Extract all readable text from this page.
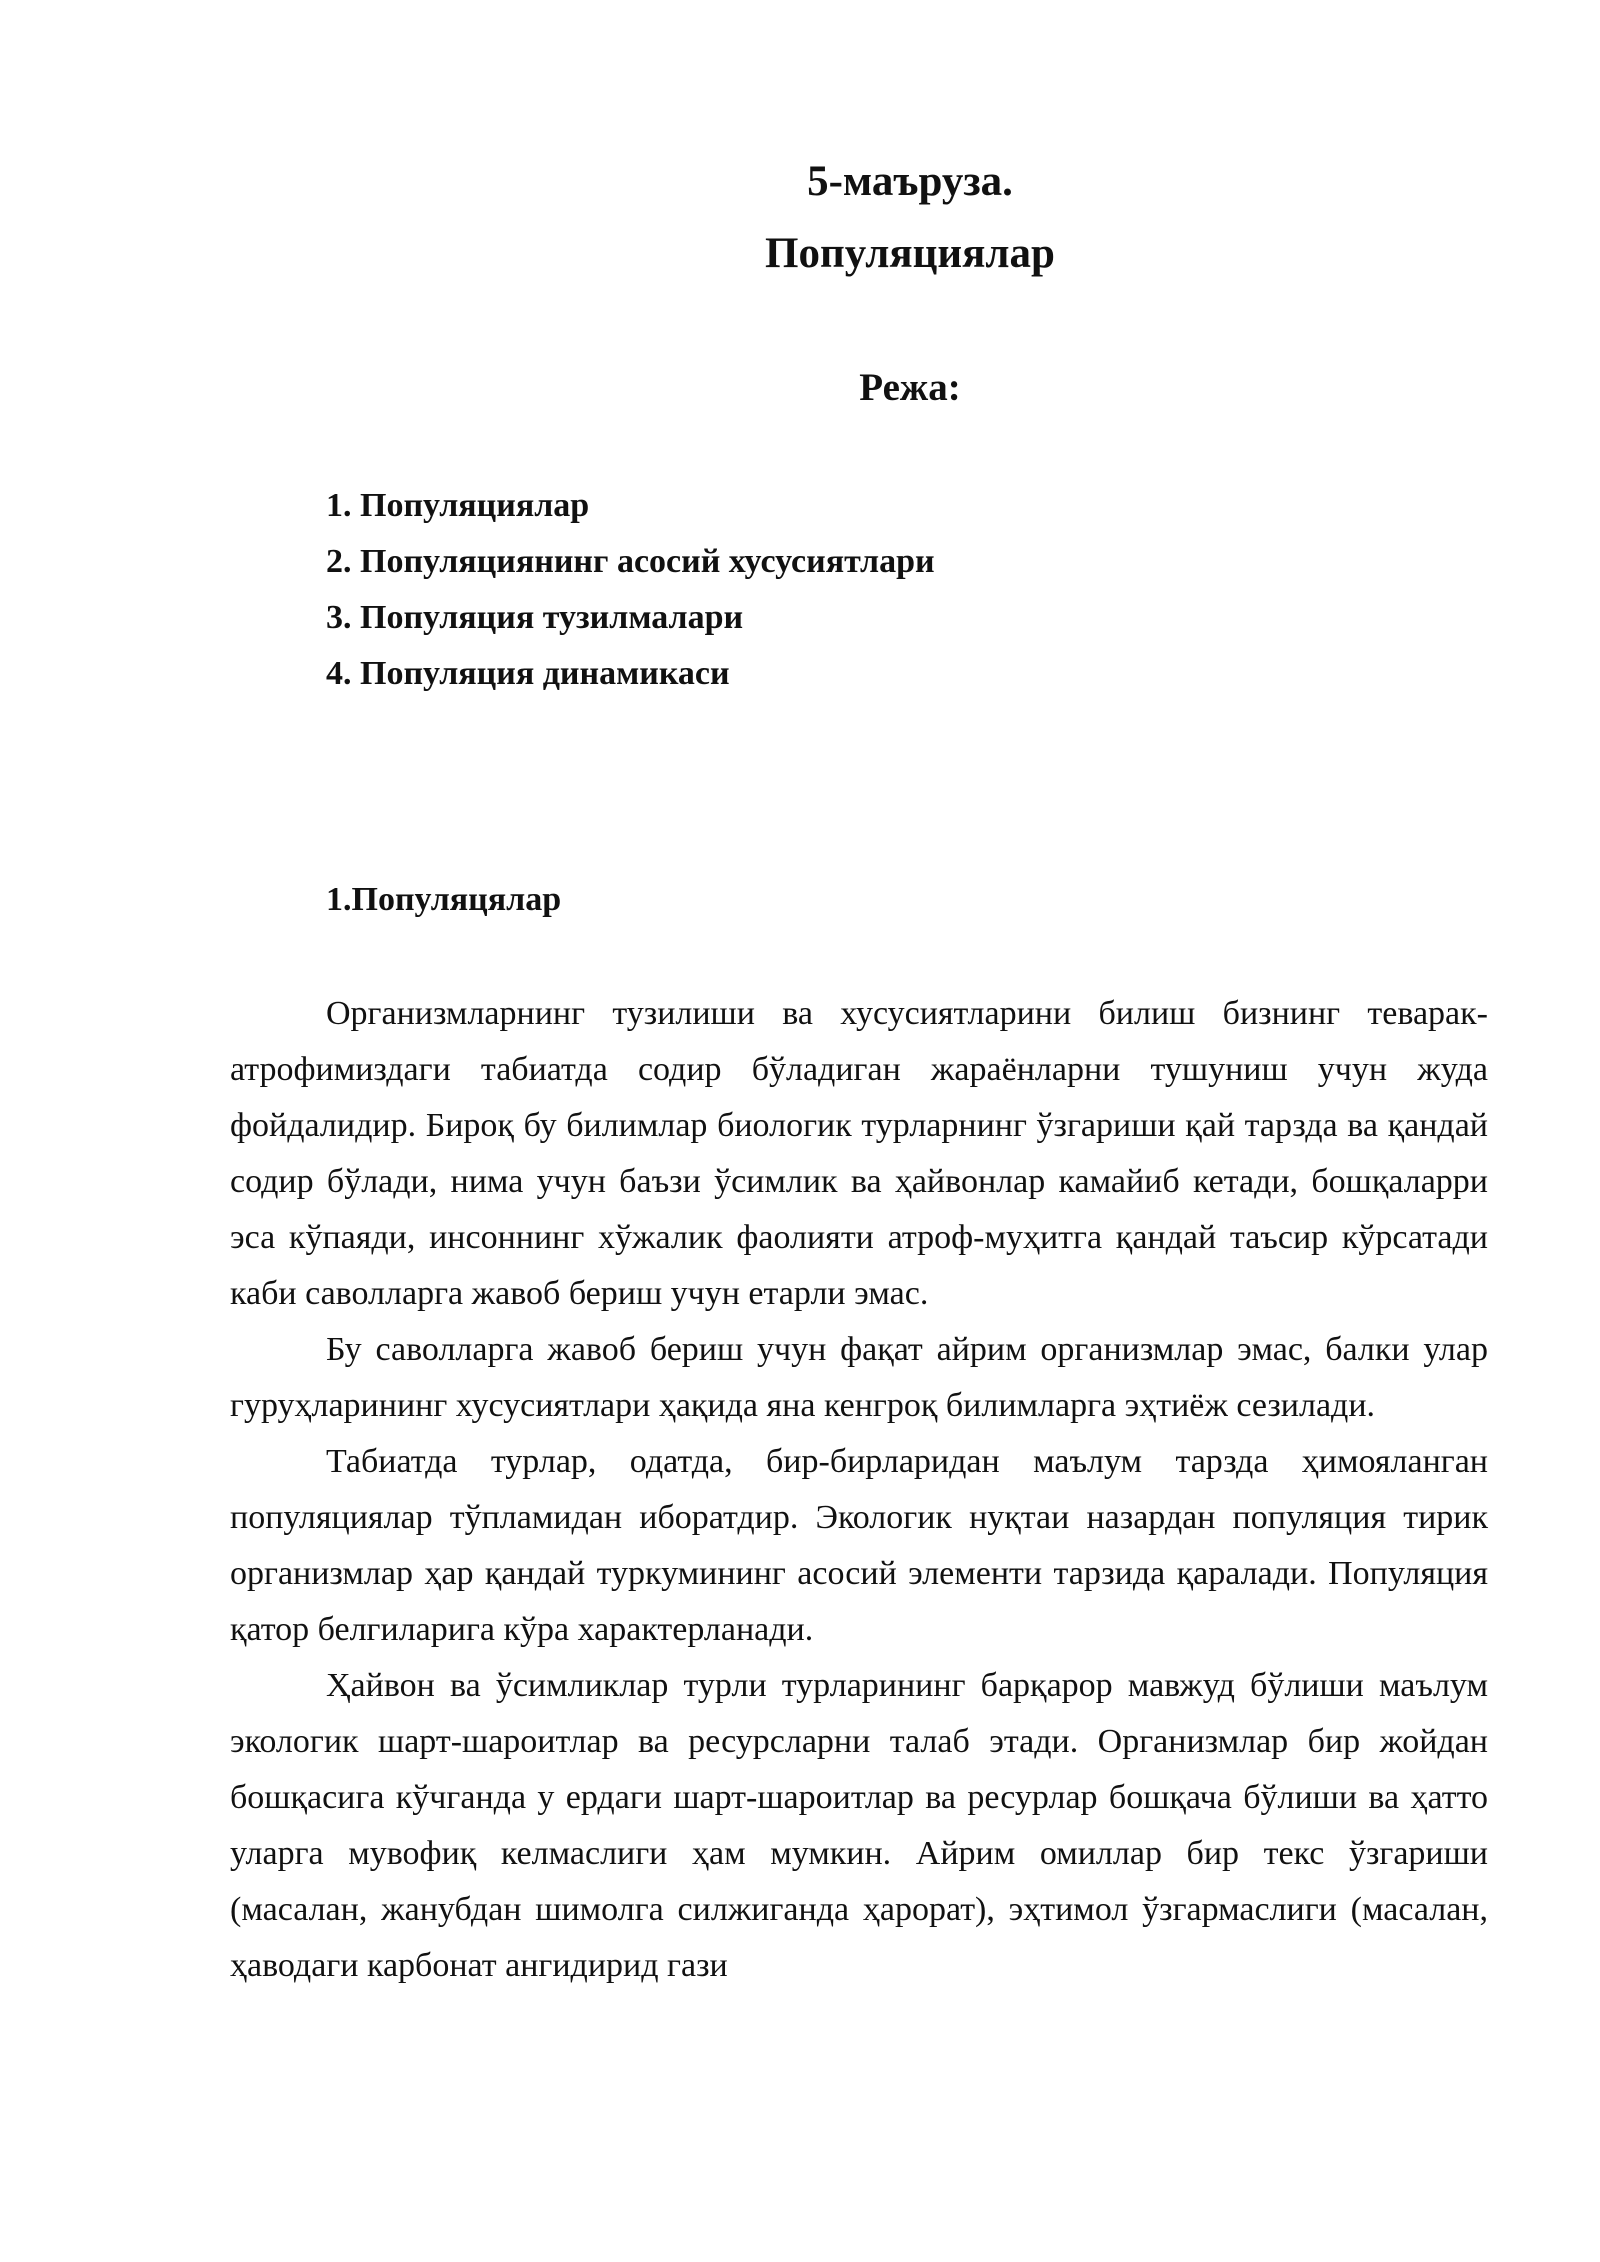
5-маъруза.
Популяциялар
Режа:
1. Популяциялар
2. Популяциянинг асосий хусусиятлари
3. Популяция тузилмалари
4. Популяция динамикаси
1.Популяцялар

Организмларнинг тузилиши ва хусусиятларини билиш бизнинг теварак-атрофимиздаги табиатда содир бўладиган жараёнларни тушуниш учун жуда фойдалидир. Бироқ бу билимлар биологик турларнинг ўзгариши қай тарзда ва қандай содир бўлади, нима учун баъзи ўсимлик ва ҳайвонлар камайиб кетади, бошқаларри эса кўпаяди, инсоннинг хўжалик фаолияти атроф-муҳитга қандай таъсир кўрсатади каби саволларга жавоб бериш учун етарли эмас.

Бу саволларга жавоб бериш учун фақат айрим организмлар эмас, балки улар гуруҳларининг хусусиятлари ҳақида яна кенгроқ билимларга эҳтиёж сезилади.

Табиатда турлар, одатда, бир-бирларидан маълум тарзда ҳимояланган популяциялар тўпламидан иборатдир. Экологик нуқтаи назардан популяция тирик организмлар ҳар қандай туркумининг асосий элементи тарзида қаралади. Популяция қатор белгиларига кўра характерланади.

Ҳайвон ва ўсимликлар турли турларининг барқарор мавжуд бўлиши маълум экологик шарт-шароитлар ва ресурсларни талаб этади. Организмлар бир жойдан бошқасига кўчганда у ердаги шарт-шароитлар ва ресурлар бошқача бўлиши ва ҳатто уларга мувофиқ келмаслиги ҳам мумкин. Айрим омиллар бир текс ўзгариши (масалан, жанубдан шимолга силжиганда ҳарорат), эҳтимол ўзгармаслиги (масалан, ҳаводаги карбонат ангидирид гази
